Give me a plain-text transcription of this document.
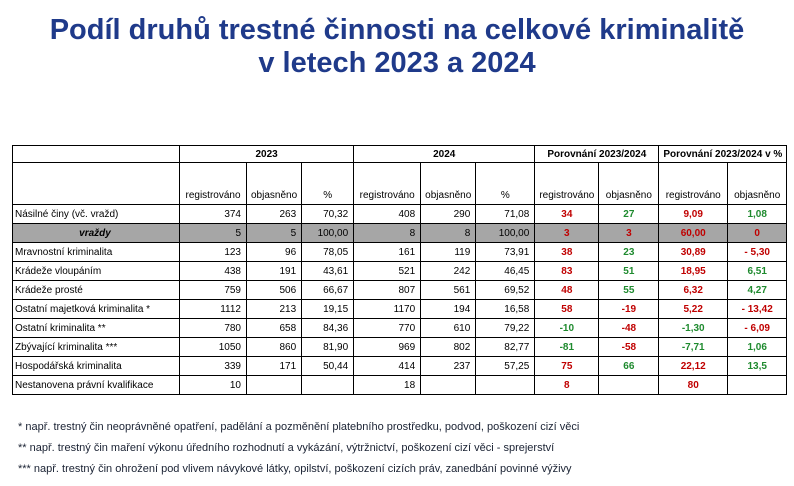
Podíl druhů trestné činnosti na celkové kriminalitě
v letech 2023 a 2024
	2023			2024			Porovnání 2023/2024		Porovnání 2023/2024 v %	
	registrováno	objasněno	%	registrováno	objasněno	%	registrováno	objasněno	registrováno	objasněno
Násilné činy (vč. vražd)	374	263	70,32	408	290	71,08	34	27	9,09	1,08
vraždy	5	5	100,00	8	8	100,00	3	3	60,00	0
Mravnostní kriminalita	123	96	78,05	161	119	73,91	38	23	30,89	- 5,30
Krádeže vloupáním	438	191	43,61	521	242	46,45	83	51	18,95	6,51
Krádeže prosté	759	506	66,67	807	561	69,52	48	55	6,32	4,27
Ostatní majetková kriminalita *	1112	213	19,15	1170	194	16,58	58	-19	5,22	- 13,42
Ostatní kriminalita **	780	658	84,36	770	610	79,22	-10	-48	-1,30	- 6,09
Zbývající kriminalita ***	1050	860	81,90	969	802	82,77	-81	-58	-7,71	1,06
Hospodářská kriminalita	339	171	50,44	414	237	57,25	75	66	22,12	13,5
Nestanovena právní kvalifikace	10			18			8		80	
* např. trestný čin neoprávněné opatření, padělání a pozměnění platebního prostředku, podvod, poškození cizí věci
** např. trestný čin maření výkonu úředního rozhodnutí a vykázání, výtržnictví, poškození cizí věci - sprejerství
*** např. trestný čin ohrožení pod vlivem návykové látky, opilství, poškození cizích práv, zanedbání povinné výživy
